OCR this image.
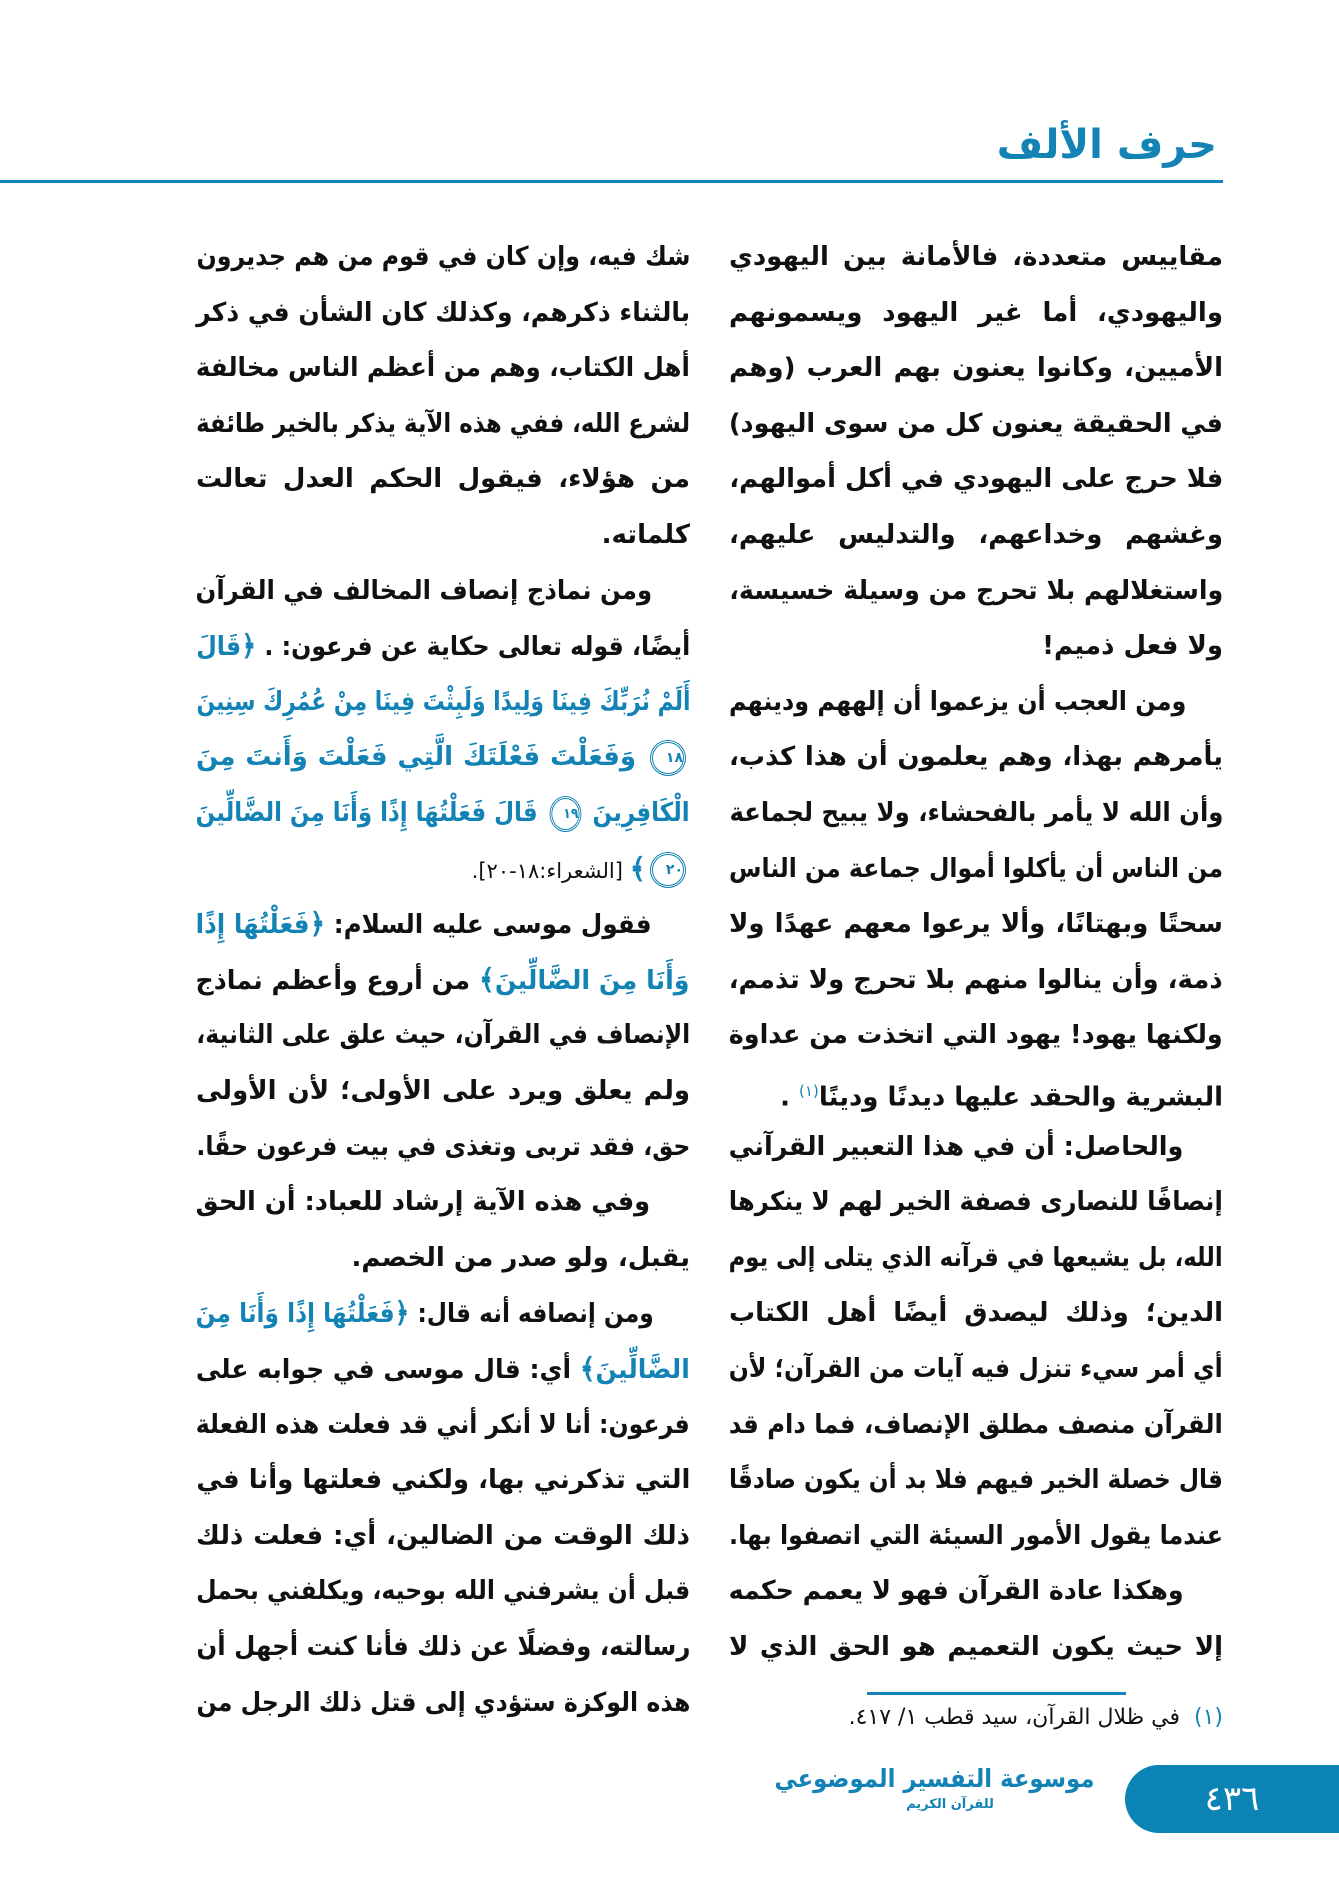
حرف الألف
مقاييس متعددة، فالأمانة بين اليهودي
واليهودي، أما غير اليهود ويسمونهم
الأميين، وكانوا يعنون بهم العرب (وهم
في الحقيقة يعنون كل من سوى اليهود)
فلا حرج على اليهودي في أكل أموالهم،
وغشهم وخداعهم، والتدليس عليهم،
واستغلالهم بلا تحرج من وسيلة خسيسة،
ولا فعل ذميم!
ومن العجب أن يزعموا أن إلههم ودينهم
يأمرهم بهذا، وهم يعلمون أن هذا كذب،
وأن الله لا يأمر بالفحشاء، ولا يبيح لجماعة
من الناس أن يأكلوا أموال جماعة من الناس
سحتًا وبهتانًا، وألا يرعوا معهم عهدًا ولا
ذمة، وأن ينالوا منهم بلا تحرج ولا تذمم،
ولكنها يهود! يهود التي اتخذت من عداوة
البشرية والحقد عليها ديدنًا ودينًا$^{(١)}$ .
والحاصل: أن في هذا التعبير القرآني
إنصافًا للنصارى فصفة الخير لهم لا ينكرها
الله، بل يشيعها في قرآنه الذي يتلى إلى يوم
الدين؛ وذلك ليصدق أيضًا أهل الكتاب
أي أمر سيء تنزل فيه آيات من القرآن؛ لأن
القرآن منصف مطلق الإنصاف، فما دام قد
قال خصلة الخير فيهم فلا بد أن يكون صادقًا
عندما يقول الأمور السيئة التي اتصفوا بها.
وهكذا عادة القرآن فهو لا يعمم حكمه
إلا حيث يكون التعميم هو الحق الذي لا
شك فيه، وإن كان في قوم من هم جديرون
بالثناء ذكرهم، وكذلك كان الشأن في ذكر
أهل الكتاب، وهم من أعظم الناس مخالفة
لشرع الله، ففي هذه الآية يذكر بالخير طائفة
من هؤلاء، فيقول الحكم العدل تعالت
كلماته.
ومن نماذج إنصاف المخالف في القرآن
أيضًا، قوله تعالى حكاية عن فرعون: . ﴿قَالَ
أَلَمْ نُرَبِّكَ فِينَا وَلِيدًا وَلَبِثْتَ فِينَا مِنْ عُمُرِكَ سِنِينَ
١٨ وَفَعَلْتَ فَعْلَتَكَ الَّتِي فَعَلْتَ وَأَنتَ مِنَ
الْكَافِرِينَ ١٩ قَالَ فَعَلْتُهَا إِذًا وَأَنَا مِنَ الضَّالِّينَ
٢٠﴾ [الشعراء:١٨-٢٠].
فقول موسى عليه السلام: ﴿فَعَلْتُهَا إِذًا
وَأَنَا مِنَ الضَّالِّينَ﴾ من أروع وأعظم نماذج
الإنصاف في القرآن، حيث علق على الثانية،
ولم يعلق ويرد على الأولى؛ لأن الأولى
حق، فقد تربى وتغذى في بيت فرعون حقًا.
وفي هذه الآية إرشاد للعباد: أن الحق
يقبل، ولو صدر من الخصم.
ومن إنصافه أنه قال: ﴿فَعَلْتُهَا إِذًا وَأَنَا مِنَ
الضَّالِّينَ﴾ أي: قال موسى في جوابه على
فرعون: أنا لا أنكر أني قد فعلت هذه الفعلة
التي تذكرني بها، ولكني فعلتها وأنا في
ذلك الوقت من الضالين، أي: فعلت ذلك
قبل أن يشرفني الله بوحيه، ويكلفني بحمل
رسالته، وفضلًا عن ذلك فأنا كنت أجهل أن
هذه الوكزة ستؤدي إلى قتل ذلك الرجل من	(١)في ظلال القرآن، سيد قطب ١/ ٤١٧.
موسوعة التفسير الموضوعي
للقرآن الكريم	٤٣٦
